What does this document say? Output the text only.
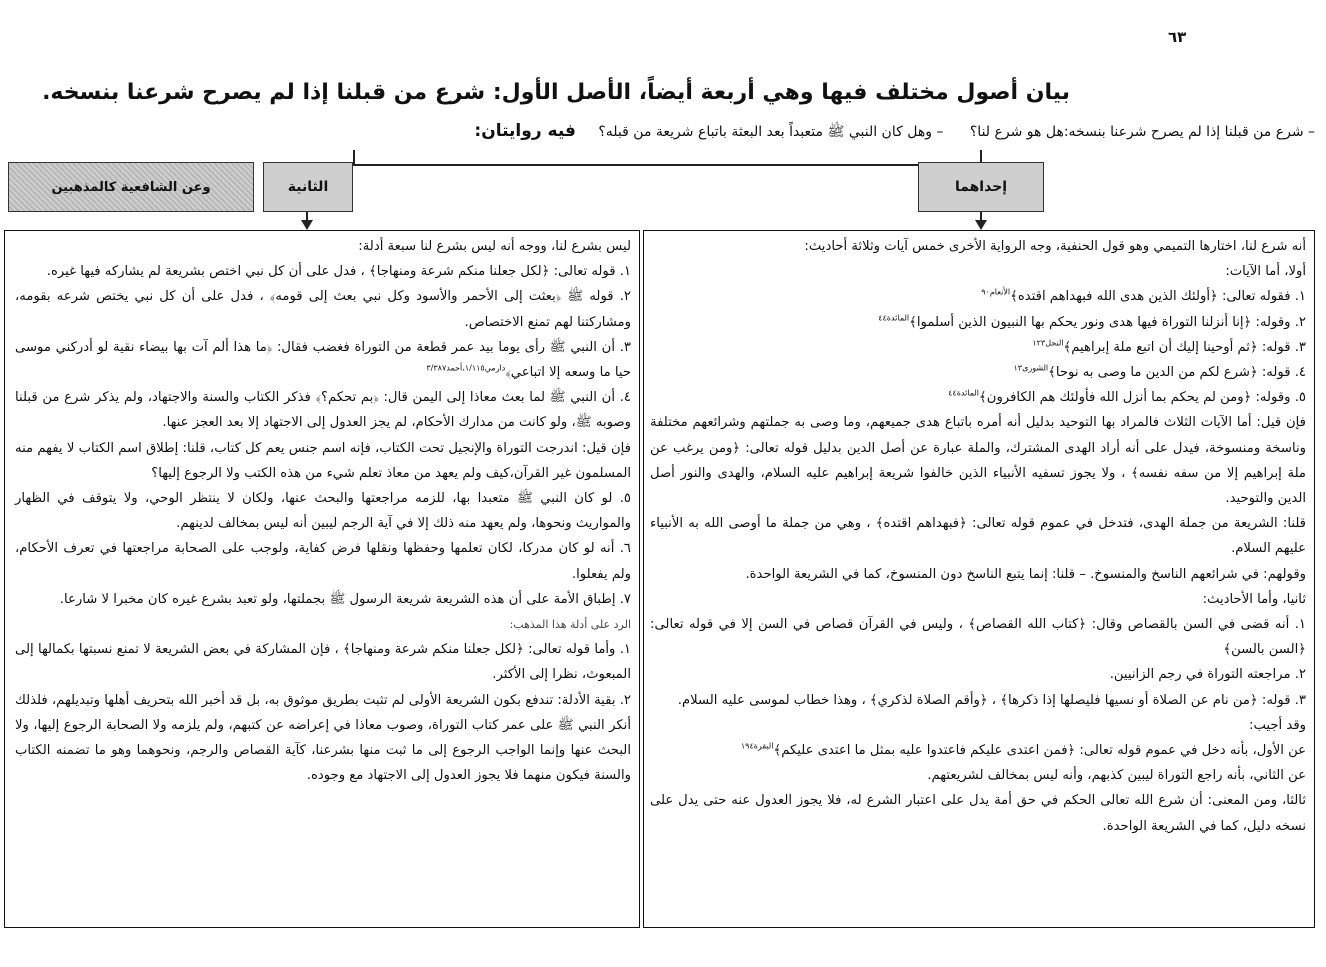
٦٣
بيان أصول مختلف فيها وهي أربعة أيضاً، الأصل الأول: شرع من قبلنا إذا لم يصرح شرعنا بنسخه.
– شرع من قبلنا إذا لم يصرح شرعنا بنسخه:هل هو شرع لنا؟ – وهل كان النبي ﷺ متعبداً بعد البعثة باتباع شريعة من قبله؟ فيه روايتان:
إحداهما
الثانية
وعن الشافعية كالمذهبين

أنه شرع لنا، اختارها التميمي وهو قول الحنفية، وجه الرواية الأخرى خمس آيات وثلاثة أحاديث:

أولا، أما الآيات:

١. فقوله تعالى: ﴿أولئك الذين هدى الله فبهداهم اقتده﴾$^{الأنعام٩٠}$

٢. وقوله: ﴿إنا أنزلنا التوراة فيها هدى ونور يحكم بها النبيون الذين أسلموا﴾$^{المائدة٤٤}$

٣. قوله: ﴿ثم أوحينا إليك أن اتبع ملة إبراهيم﴾$^{النحل١٢٣}$

٤. قوله: ﴿شرع لكم من الدين ما وصى به نوحا﴾$^{الشورى١٣}$

٥. وقوله: ﴿ومن لم يحكم بما أنزل الله فأولئك هم الكافرون﴾$^{المائدة٤٤}$

فإن قيل: أما الآيات الثلاث فالمراد بها التوحيد بدليل أنه أمره باتباع هدى جميعهم، وما وصى به جملتهم وشرائعهم مختلفة وناسخة ومنسوخة، فيدل على أنه أراد الهدى المشترك، والملة عبارة عن أصل الدين بدليل قوله تعالى: ﴿ومن يرغب عن ملة إبراهيم إلا من سفه نفسه﴾ ، ولا يجوز تسفيه الأنبياء الذين خالفوا شريعة إبراهيم عليه السلام، والهدى والنور أصل الدين والتوحيد.

قلنا: الشريعة من جملة الهدى، فتدخل في عموم قوله تعالى: ﴿فبهداهم اقتده﴾ ، وهي من جملة ما أوصى الله به الأنبياء عليهم السلام.

وقولهم: في شرائعهم الناسخ والمنسوخ. – قلنا: إنما يتبع الناسخ دون المنسوخ، كما في الشريعة الواحدة.

ثانيا، وأما الأحاديث:

١. أنه قضى في السن بالقصاص وقال: ﴿كتاب الله القصاص﴾ ، وليس في القرآن قصاص في السن إلا في قوله تعالى: ﴿السن بالسن﴾

٢. مراجعته التوراة في رجم الزانيين.

٣. قوله: ﴿من نام عن الصلاة أو نسيها فليصلها إذا ذكرها﴾ ، ﴿وأقم الصلاة لذكري﴾ ، وهذا خطاب لموسى عليه السلام.

وقد أجيب:

عن الأول، بأنه دخل في عموم قوله تعالى: ﴿فمن اعتدى عليكم فاعتدوا عليه بمثل ما اعتدى عليكم﴾$^{البقرة١٩٤}$

عن الثاني، بأنه راجع التوراة ليبين كذبهم، وأنه ليس بمخالف لشريعتهم.

ثالثا، ومن المعنى: أن شرع الله تعالى الحكم في حق أمة يدل على اعتبار الشرع له، فلا يجوز العدول عنه حتى يدل على نسخه دليل، كما في الشريعة الواحدة.

ليس بشرع لنا، ووجه أنه ليس بشرع لنا سبعة أدلة:

١. قوله تعالى: ﴿لكل جعلنا منكم شرعة ومنهاجا﴾ ، فدل على أن كل نبي اختص بشريعة لم يشاركه فيها غيره.

٢. قوله ﷺ ﴿بعثت إلى الأحمر والأسود وكل نبي بعث إلى قومه﴾ ، فدل على أن كل نبي يختص شرعه بقومه، ومشاركتنا لهم تمنع الاختصاص.

٣. أن النبي ﷺ رأى يوما بيد عمر قطعة من التوراة فغضب فقال: ﴿ما هذا ألم آت بها بيضاء نقية لو أدركني موسى حيا ما وسعه إلا اتباعي﴾$^{دارمي١/١١٥،أحمد٣/٣٨٧}$

٤. أن النبي ﷺ لما بعث معاذا إلى اليمن قال: ﴿بم تحكم؟﴾ فذكر الكتاب والسنة والاجتهاد، ولم يذكر شرع من قبلنا وصوبه ﷺ، ولو كانت من مدارك الأحكام، لم يجز العدول إلى الاجتهاد إلا بعد العجز عنها.

فإن قيل: اندرجت التوراة والإنجيل تحت الكتاب، فإنه اسم جنس يعم كل كتاب، قلنا: إطلاق اسم الكتاب لا يفهم منه المسلمون غير القرآن،كيف ولم يعهد من معاذ تعلم شيء من هذه الكتب ولا الرجوع إليها؟

٥. لو كان النبي ﷺ متعبدا بها، للزمه مراجعتها والبحث عنها، ولكان لا ينتظر الوحي، ولا يتوقف في الظهار والمواريث ونحوها، ولم يعهد منه ذلك إلا في آية الرجم ليبين أنه ليس بمخالف لدينهم.

٦. أنه لو كان مدركا، لكان تعلمها وحفظها ونقلها فرض كفاية، ولوجب على الصحابة مراجعتها في تعرف الأحكام، ولم يفعلوا.

٧. إطباق الأمة على أن هذه الشريعة شريعة الرسول ﷺ بجملتها، ولو تعبد بشرع غيره كان مخبرا لا شارعا.

الرد على أدلة هذا المذهب:

١. وأما قوله تعالى: ﴿لكل جعلنا منكم شرعة ومنهاجا﴾ ، فإن المشاركة في بعض الشريعة لا تمنع نسبتها بكمالها إلى المبعوث، نظرا إلى الأكثر.

٢. بقية الأدلة: تندفع بكون الشريعة الأولى لم تثبت بطريق موثوق به، بل قد أخبر الله بتحريف أهلها وتبديلهم، فلذلك أنكر النبي ﷺ على عمر كتاب التوراة، وصوب معاذا في إعراضه عن كتبهم، ولم يلزمه ولا الصحابة الرجوع إليها، ولا البحث عنها وإنما الواجب الرجوع إلى ما ثبت منها بشرعنا، كآية القصاص والرجم، ونحوهما وهو ما تضمنه الكتاب والسنة فيكون منهما فلا يجوز العدول إلى الاجتهاد مع وجوده.
